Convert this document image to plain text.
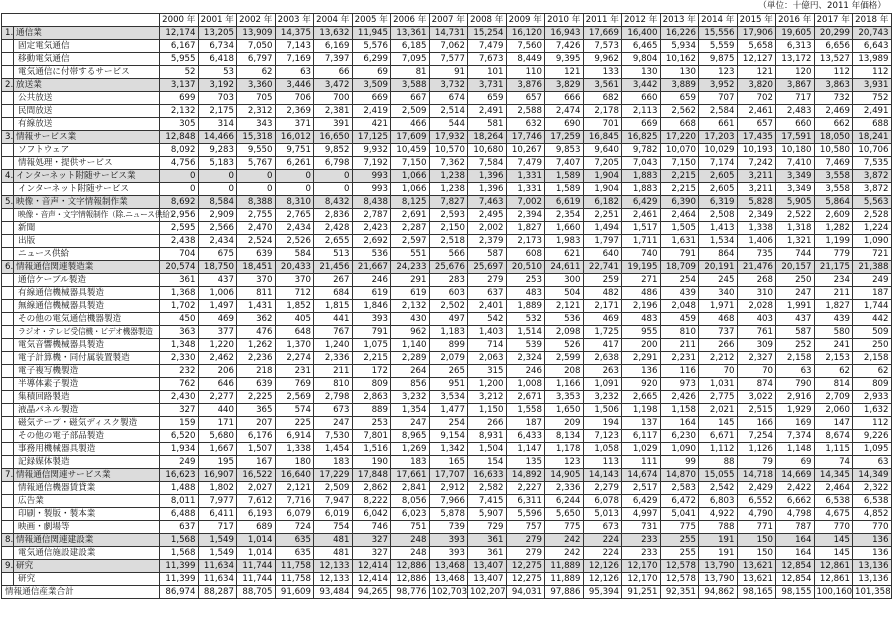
（単位：十億円、2011 年価格）
		2000 年	2001 年	2002 年	2003 年	2004 年	2005 年	2006 年	2007 年	2008 年	2009 年	2010 年	2011 年	2012 年	2013 年	2014 年	2015 年	2016 年	2017 年	2018 年
1.	通信業	12,174	13,205	13,909	14,375	13,632	11,945	13,361	14,731	15,254	16,120	16,943	17,669	16,400	16,226	15,556	17,906	19,605	20,299	20,743
	固定電気通信	6,167	6,734	7,050	7,143	6,169	5,576	6,185	7,062	7,479	7,560	7,426	7,573	6,465	5,934	5,559	5,658	6,313	6,656	6,643
	移動電気通信	5,955	6,418	6,797	7,169	7,397	6,299	7,095	7,577	7,673	8,449	9,395	9,962	9,804	10,162	9,875	12,127	13,172	13,527	13,989
	電気通信に付帯するサービス	52	53	62	63	66	69	81	91	101	110	121	133	130	130	123	121	120	112	112
2.	放送業	3,137	3,192	3,360	3,446	3,472	3,509	3,588	3,732	3,731	3,876	3,829	3,561	3,442	3,889	3,952	3,820	3,867	3,863	3,931
	公共放送	699	703	705	706	700	669	667	674	659	657	666	682	660	659	707	702	717	732	752
	民間放送	2,132	2,175	2,312	2,369	2,381	2,419	2,509	2,514	2,491	2,588	2,474	2,178	2,113	2,562	2,584	2,461	2,483	2,469	2,491
	有線放送	305	314	343	371	391	421	466	544	581	632	690	701	669	668	661	657	660	662	688
3.	情報サービス業	12,848	14,466	15,318	16,012	16,650	17,125	17,609	17,932	18,264	17,746	17,259	16,845	16,825	17,220	17,203	17,435	17,591	18,050	18,241
	ソフトウェア	8,092	9,283	9,550	9,751	9,852	9,932	10,459	10,570	10,680	10,267	9,853	9,640	9,782	10,070	10,029	10,193	10,180	10,580	10,706
	情報処理・提供サービス	4,756	5,183	5,767	6,261	6,798	7,192	7,150	7,362	7,584	7,479	7,407	7,205	7,043	7,150	7,174	7,242	7,410	7,469	7,535
4.	インターネット附随サービス業	0	0	0	0	0	993	1,066	1,238	1,396	1,331	1,589	1,904	1,883	2,215	2,605	3,211	3,349	3,558	3,872
	インターネット附随サービス	0	0	0	0	0	993	1,066	1,238	1,396	1,331	1,589	1,904	1,883	2,215	2,605	3,211	3,349	3,558	3,872
5.	映像・音声・文字情報制作業	8,692	8,584	8,388	8,310	8,432	8,438	8,125	7,827	7,463	7,002	6,619	6,182	6,429	6,390	6,319	5,828	5,905	5,864	5,563
	映像・音声・文字情報制作（除.ニュース供給）	2,956	2,909	2,755	2,765	2,836	2,787	2,691	2,593	2,495	2,394	2,354	2,251	2,461	2,464	2,508	2,349	2,522	2,609	2,528
	新聞	2,595	2,566	2,470	2,434	2,428	2,423	2,287	2,150	2,002	1,827	1,660	1,494	1,517	1,505	1,413	1,338	1,318	1,282	1,224
	出版	2,438	2,434	2,524	2,526	2,655	2,692	2,597	2,518	2,379	2,173	1,983	1,797	1,711	1,631	1,534	1,406	1,321	1,199	1,090
	ニュース供給	704	675	639	584	513	536	551	566	587	608	621	640	740	791	864	735	744	779	721
6.	情報通信関連製造業	20,574	18,750	18,451	20,433	21,456	21,667	24,233	25,676	25,697	20,510	24,611	22,741	19,195	18,709	20,191	21,476	20,157	21,175	21,388
	通信ケーブル製造	361	437	370	370	267	246	291	283	279	253	300	259	271	254	245	268	250	234	249
	有線通信機械器具製造	1,368	1,006	811	712	684	619	619	603	637	483	504	482	486	439	340	310	247	211	187
	無線通信機械器具製造	1,702	1,497	1,431	1,852	1,815	1,846	2,132	2,502	2,401	1,889	2,121	2,171	2,196	2,048	1,971	2,028	1,991	1,827	1,744
	その他の電気通信機器製造	450	469	362	405	441	393	430	497	542	532	536	469	483	459	468	403	437	439	442
	ラジオ・テレビ受信機・ビデオ機器製造	363	377	476	648	767	791	962	1,183	1,403	1,514	2,098	1,725	955	810	737	761	587	580	509
	電気音響機械器具製造	1,348	1,220	1,262	1,370	1,240	1,075	1,140	899	714	539	526	417	200	211	266	309	252	241	250
	電子計算機・同付属装置製造	2,330	2,462	2,236	2,274	2,336	2,215	2,289	2,079	2,063	2,324	2,599	2,638	2,291	2,231	2,212	2,327	2,158	2,153	2,158
	電子複写機製造	232	206	218	231	211	172	264	265	315	246	208	263	136	116	70	70	63	62	62
	半導体素子製造	762	646	639	769	810	809	856	951	1,200	1,008	1,166	1,091	920	973	1,031	874	790	814	809
	集積回路製造	2,430	2,277	2,225	2,569	2,798	2,863	3,232	3,534	3,212	2,671	3,353	3,232	2,665	2,426	2,775	3,022	2,916	2,709	2,933
	液晶パネル製造	327	440	365	574	673	889	1,354	1,477	1,150	1,558	1,650	1,506	1,198	1,158	2,021	2,515	1,929	2,060	1,632
	磁気テープ・磁気ディスク製造	159	171	207	225	247	253	247	254	266	187	209	194	137	164	145	166	169	147	112
	その他の電子部品製造	6,520	5,680	6,176	6,914	7,530	7,801	8,965	9,154	8,931	6,433	8,134	7,123	6,117	6,230	6,671	7,254	7,374	8,674	9,226
	事務用機械器具製造	1,934	1,667	1,507	1,338	1,454	1,516	1,269	1,342	1,504	1,147	1,178	1,058	1,029	1,090	1,112	1,126	1,148	1,115	1,095
	記録媒体製造	249	195	167	180	183	190	183	165	154	135	123	113	111	99	88	79	69	74	63
7.	情報通信関連サービス業	16,623	16,907	16,522	16,640	17,229	17,848	17,661	17,707	16,633	14,892	14,905	14,143	14,674	14,870	15,055	14,718	14,669	14,345	14,349
	情報通信機器賃貸業	1,488	1,802	2,027	2,121	2,509	2,862	2,841	2,912	2,582	2,227	2,336	2,279	2,517	2,583	2,542	2,429	2,422	2,464	2,322
	広告業	8,011	7,977	7,612	7,716	7,947	8,222	8,056	7,966	7,415	6,311	6,244	6,078	6,429	6,472	6,803	6,552	6,662	6,538	6,538
	印刷・製版・製本業	6,488	6,411	6,193	6,079	6,019	6,042	6,023	5,878	5,907	5,596	5,650	5,013	4,997	5,041	4,922	4,790	4,798	4,675	4,852
	映画・劇場等	637	717	689	724	754	746	751	739	729	757	775	673	731	775	788	771	787	770	770
8.	情報通信関連建設業	1,568	1,549	1,014	635	481	327	248	393	361	279	242	224	233	255	191	150	164	145	136
	電気通信施設建設業	1,568	1,549	1,014	635	481	327	248	393	361	279	242	224	233	255	191	150	164	145	136
9.	研究	11,399	11,634	11,744	11,758	12,133	12,414	12,886	13,468	13,407	12,275	11,889	12,126	12,170	12,578	13,790	13,621	12,854	12,861	13,136
	研究	11,399	11,634	11,744	11,758	12,133	12,414	12,886	13,468	13,407	12,275	11,889	12,126	12,170	12,578	13,790	13,621	12,854	12,861	13,136
情報通信産業合計		86,974	88,287	88,705	91,609	93,484	94,265	98,776	102,703	102,207	94,031	97,886	95,394	91,251	92,351	94,862	98,165	98,155	100,160	101,358
